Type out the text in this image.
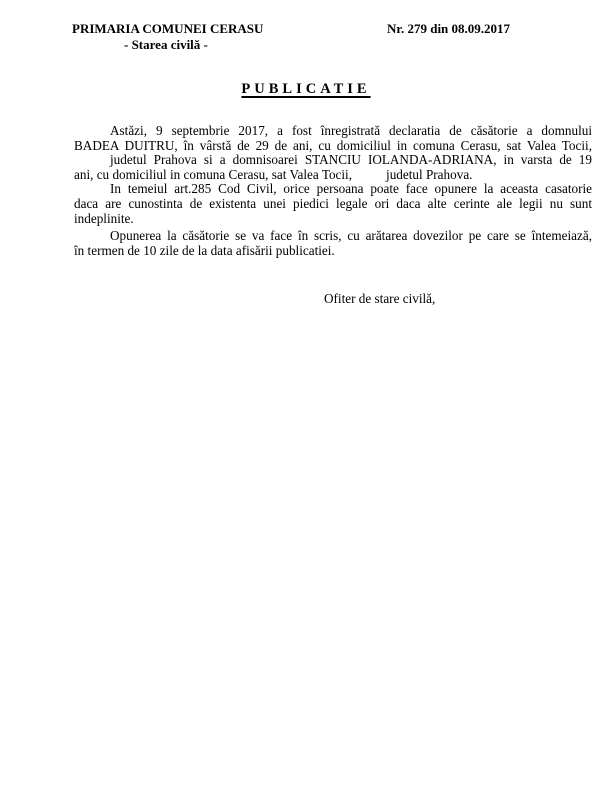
PRIMARIA COMUNEI CERASU
- Starea civilă -
Nr. 279 din 08.09.2017
PUBLICATIE
Astăzi, 9 septembrie 2017, a fost înregistrată declaratia de căsătorie a domnului
BADEA DUITRU, în vârstă de 29 de ani, cu domiciliul in comuna Cerasu, sat Valea Tocii,
judetul Prahova si a domnisoarei STANCIU IOLANDA-ADRIANA, in varsta de 19
ani, cu domiciliul in comuna Cerasu, sat Valea Tocii,	judetul Prahova.
In temeiul art.285 Cod Civil, orice persoana poate face opunere la aceasta casatorie
daca are cunostinta de existenta unei piedici legale ori daca alte cerinte ale legii nu sunt
indeplinite.
Opunerea la căsătorie se va face în scris, cu arătarea dovezilor pe care se întemeiază,
în termen de 10 zile de la data afisării publicatiei.
Ofiter de stare civilă,
